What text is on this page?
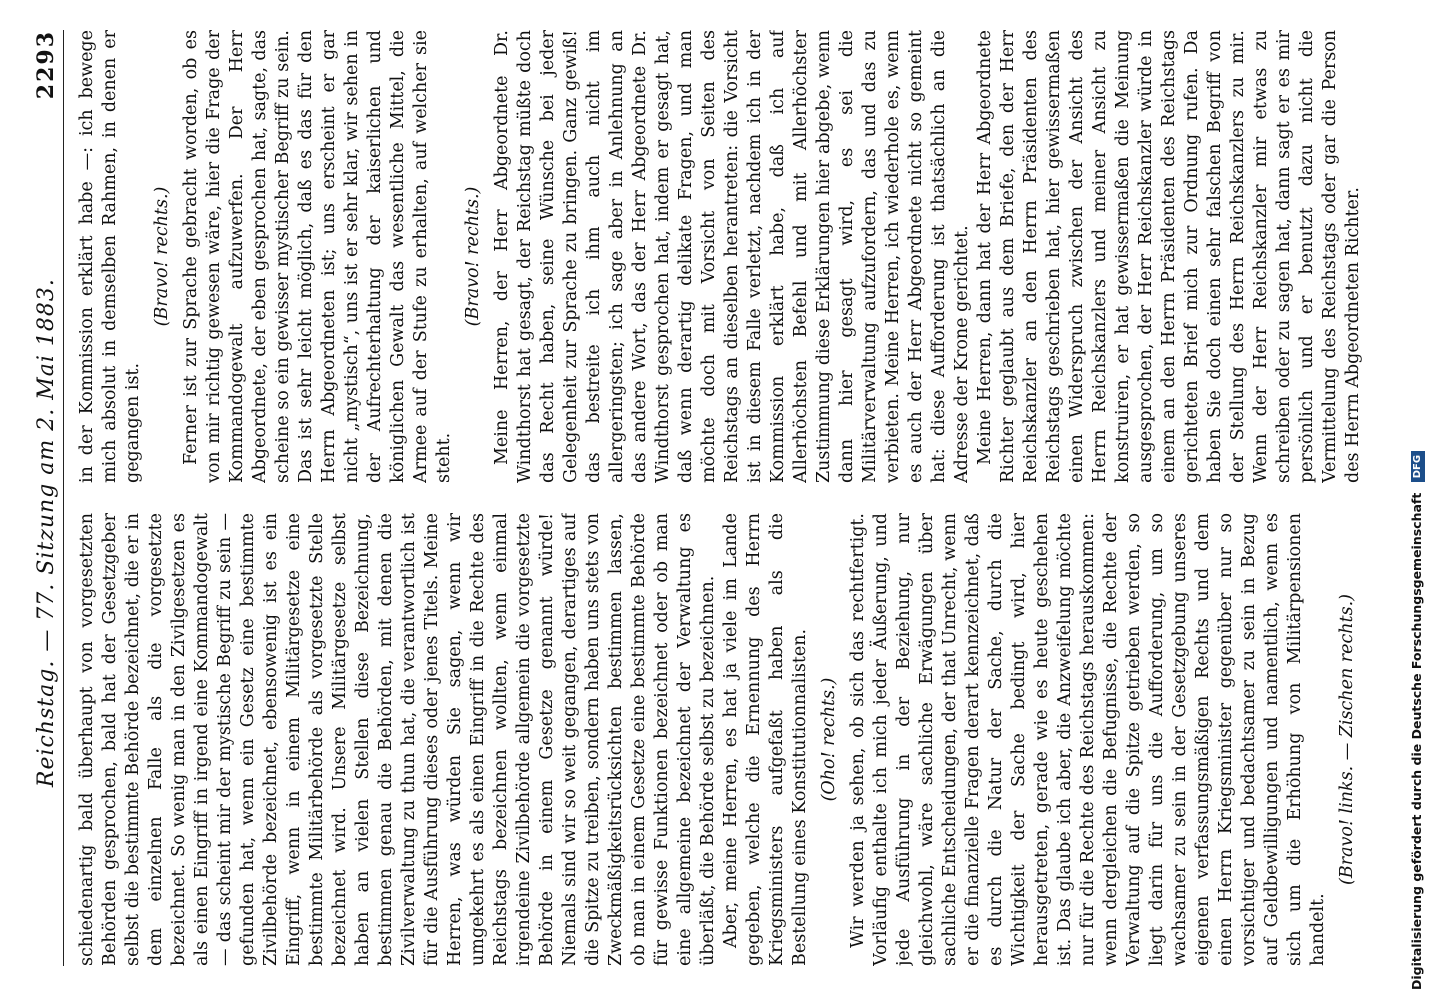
Reichstag. — 77. Sitzung am 2. Mai 1883.
2293

schiedenartig bald überhaupt von vorgesetzten Behörden gesprochen, bald hat der Gesetzgeber selbst die bestimmte Behörde bezeichnet, die er in dem einzelnen Falle als die vorgesetzte bezeichnet. So wenig man in den Zivilgesetzen es als einen Eingriff in irgend eine Kommandogewalt — das scheint mir der mystische Begriff zu sein — gefunden hat, wenn ein Gesetz eine bestimmte Zivilbehörde bezeichnet, ebensowenig ist es ein Eingriff, wenn in einem Militärgesetze eine bestimmte Militärbehörde als vorgesetzte Stelle bezeichnet wird. Unsere Militärgesetze selbst haben an vielen Stellen diese Bezeichnung, bestimmen genau die Behörden, mit denen die Zivilverwaltung zu thun hat, die verantwortlich ist für die Ausführung dieses oder jenes Titels. Meine Herren, was würden Sie sagen, wenn wir umgekehrt es als einen Eingriff in die Rechte des Reichstags bezeichnen wollten, wenn einmal irgendeine Zivilbehörde allgemein die vorgesetzte Behörde in einem Gesetze genannt würde! Niemals sind wir so weit gegangen, derartiges auf die Spitze zu treiben, sondern haben uns stets von Zweckmäßigkeitsrücksichten bestimmen lassen, ob man in einem Gesetze eine bestimmte Behörde für gewisse Funktionen bezeichnet oder ob man eine allgemeine bezeichnet der Verwaltung es überläßt, die Behörde selbst zu bezeichnen. Aber, meine Herren, es hat ja viele im Lande gegeben, welche die Ernennung des Herrn Kriegsministers aufgefaßt haben als die Bestellung eines Konstitutionnalisten. (Oho! rechts.) Wir werden ja sehen, ob sich das rechtfertigt. Vorläufig enthalte ich mich jeder Äußerung, und jede Ausführung in der Beziehung, nur gleichwohl, wäre sachliche Erwägungen über sachliche Entscheidungen, der that Unrecht, wenn er die finanzielle Fragen derart kennzeichnet, daß es durch die Natur der Sache, durch die Wichtigkeit der Sache bedingt wird, hier herausgetreten, gerade wie es heute geschehen ist. Das glaube ich aber, die Anzweifelung möchte nur für die Rechte des Reichstags herauskommen: wenn dergleichen die Befugnisse, die Rechte der Verwaltung auf die Spitze getrieben werden, so liegt darin für uns die Aufforderung, um so wachsamer zu sein in der Gesetzgebung unseres eigenen verfassungsmäßigen Rechts und dem einen Herrn Kriegsminister gegenüber nur so vorsichtiger und bedachtsamer zu sein in Bezug auf Geldbewilligungen und namentlich, wenn es sich um die Erhöhung von Militärpensionen handelt.

(Bravo! links. — Zischen rechts.)

in der Kommission erklärt habe —: ich bewege mich absolut in demselben Rahmen, in denen er gegangen ist.

(Bravo! rechts.) Ferner ist zur Sprache gebracht worden, ob es von mir richtig gewesen wäre, hier die Frage der Kommandogewalt aufzuwerfen. Der Herr Abgeordnete, der eben gesprochen hat, sagte, das scheine so ein gewisser mystischer Begriff zu sein. Das ist sehr leicht möglich, daß es das für den Herrn Abgeordneten ist; uns erscheint er gar nicht „mystisch“, uns ist er sehr klar, wir sehen in der Aufrechterhaltung der kaiserlichen und königlichen Gewalt das wesentliche Mittel, die Armee auf der Stufe zu erhalten, auf welcher sie steht.

(Bravo! rechts.) Meine Herren, der Herr Abgeordnete Dr. Windthorst hat gesagt, der Reichstag müßte doch das Recht haben, seine Wünsche bei jeder Gelegenheit zur Sprache zu bringen. Ganz gewiß! das bestreite ich ihm auch nicht im allergeringsten; ich sage aber in Anlehnung an das andere Wort, das der Herr Abgeordnete Dr. Windthorst gesprochen hat, indem er gesagt hat, daß wenn derartig delikate Fragen, und man möchte doch mit Vorsicht von Seiten des Reichstags an dieselben herantreten: die Vorsicht ist in diesem Falle verletzt, nachdem ich in der Kommission erklärt habe, daß ich auf Allerhöchsten Befehl und mit Allerhöchster Zustimmung diese Erklärungen hier abgebe, wenn dann hier gesagt wird, es sei die Militärverwaltung aufzufordern, das und das zu verbieten. Meine Herren, ich wiederhole es, wenn es auch der Herr Abgeordnete nicht so gemeint hat: diese Aufforderung ist thatsächlich an die Adresse der Krone gerichtet. Meine Herren, dann hat der Herr Abgeordnete Richter geglaubt aus dem Briefe, den der Herr Reichskanzler an den Herrn Präsidenten des Reichstags geschrieben hat, hier gewissermaßen einen Widerspruch zwischen der Ansicht des Herrn Reichskanzlers und meiner Ansicht zu konstruiren, er hat gewissermaßen die Meinung ausgesprochen, der Herr Reichskanzler würde in einem an den Herrn Präsidenten des Reichstags gerichteten Brief mich zur Ordnung rufen. Da haben Sie doch einen sehr falschen Begriff von der Stellung des Herrn Reichskanzlers zu mir. Wenn der Herr Reichskanzler mir etwas zu schreiben oder zu sagen hat, dann sagt er es mir persönlich und er benutzt dazu nicht die Vermittelung des Reichstags oder gar die Person des Herrn Abgeordneten Richter.

Digitalisierung gefördert durch die Deutsche Forschungsgemeinschaft DFG
